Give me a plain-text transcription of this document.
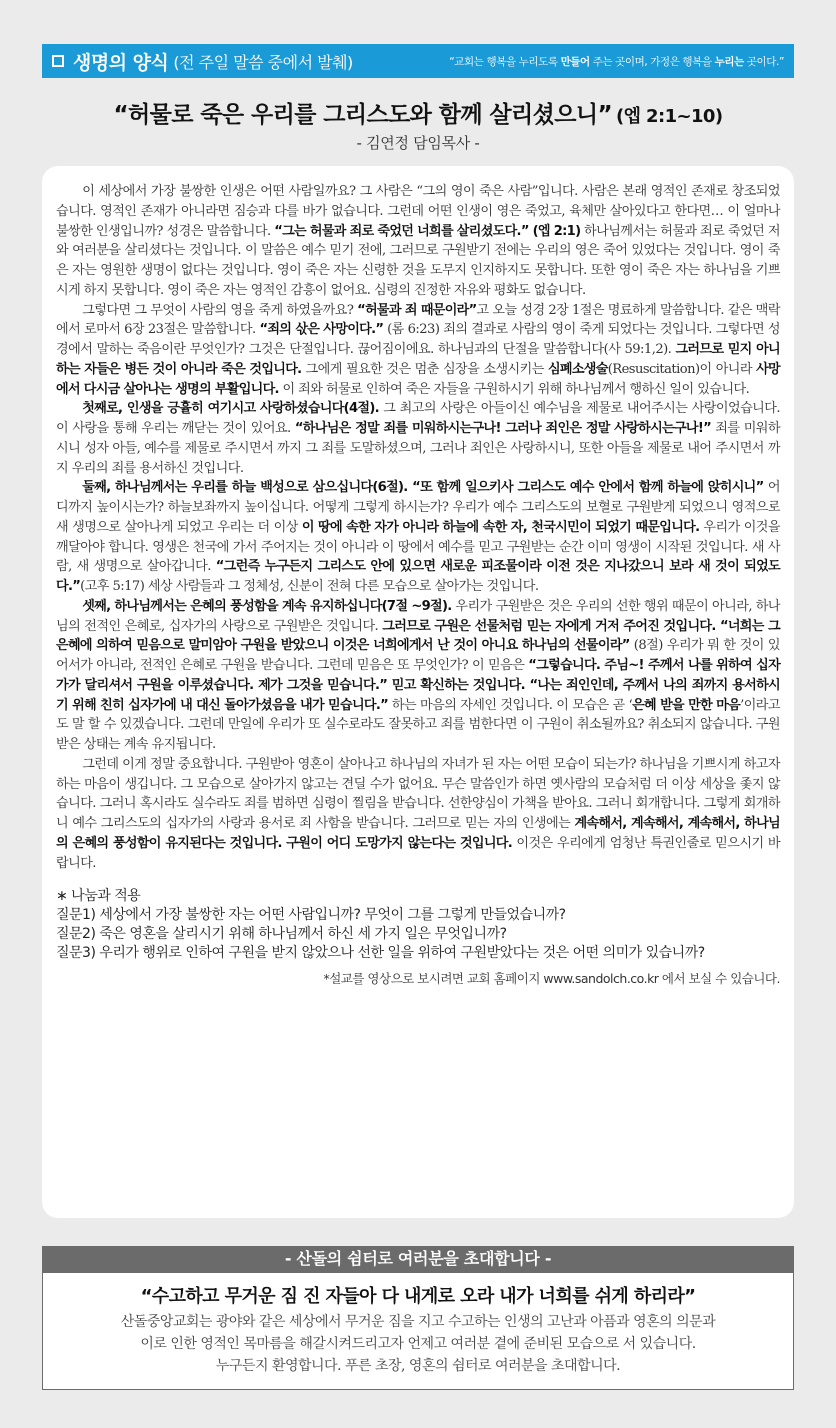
생명의 양식 (전 주일 말씀 중에서 발췌)	“교회는 행복을 누리도록 만들어 주는 곳이며, 가정은 행복을 누리는 곳이다.”
“허물로 죽은 우리를 그리스도와 함께 살리셨으니” (엡 2:1~10)
- 김연정 담임목사 -

이 세상에서 가장 불쌍한 인생은 어떤 사람일까요? 그 사람은 “그의 영이 죽은 사람”입니다. 사람은 본래 영적인 존재로 창조되었습니다. 영적인 존재가 아니라면 짐승과 다를 바가 없습니다. 그런데 어떤 인생이 영은 죽었고, 육체만 살아있다고 한다면… 이 얼마나 불쌍한 인생입니까? 성경은 말씀합니다. “그는 허물과 죄로 죽었던 너희를 살리셨도다.” (엡 2:1) 하나님께서는 허물과 죄로 죽었던 저와 여러분을 살리셨다는 것입니다. 이 말씀은 예수 믿기 전에, 그러므로 구원받기 전에는 우리의 영은 죽어 있었다는 것입니다. 영이 죽은 자는 영원한 생명이 없다는 것입니다. 영이 죽은 자는 신령한 것을 도무지 인지하지도 못합니다. 또한 영이 죽은 자는 하나님을 기쁘시게 하지 못합니다. 영이 죽은 자는 영적인 감흥이 없어요. 심령의 진정한 자유와 평화도 없습니다.

그렇다면 그 무엇이 사람의 영을 죽게 하였을까요? “허물과 죄 때문이라”고 오늘 성경 2장 1절은 명료하게 말씀합니다. 같은 맥락에서 로마서 6장 23절은 말씀합니다. “죄의 삯은 사망이다.” (롬 6:23) 죄의 결과로 사람의 영이 죽게 되었다는 것입니다. 그렇다면 성경에서 말하는 죽음이란 무엇인가? 그것은 단절입니다. 끊어짐이에요. 하나님과의 단절을 말씀합니다(사 59:1,2). 그러므로 믿지 아니하는 자들은 병든 것이 아니라 죽은 것입니다. 그에게 필요한 것은 멈춘 심장을 소생시키는 심폐소생술(Resuscitation)이 아니라 사망에서 다시금 살아나는 생명의 부활입니다. 이 죄와 허물로 인하여 죽은 자들을 구원하시기 위해 하나님께서 행하신 일이 있습니다.

첫째로, 인생을 긍휼히 여기시고 사랑하셨습니다(4절). 그 최고의 사랑은 아들이신 예수님을 제물로 내어주시는 사랑이었습니다. 이 사랑을 통해 우리는 깨닫는 것이 있어요. “하나님은 정말 죄를 미워하시는구나! 그러나 죄인은 정말 사랑하시는구나!” 죄를 미워하시니 성자 아들, 예수를 제물로 주시면서 까지 그 죄를 도말하셨으며, 그러나 죄인은 사랑하시니, 또한 아들을 제물로 내어 주시면서 까지 우리의 죄를 용서하신 것입니다.

둘째, 하나님께서는 우리를 하늘 백성으로 삼으십니다(6절). “또 함께 일으키사 그리스도 예수 안에서 함께 하늘에 앉히시니” 어디까지 높이시는가? 하늘보좌까지 높이십니다. 어떻게 그렇게 하시는가? 우리가 예수 그리스도의 보혈로 구원받게 되었으니 영적으로 새 생명으로 살아나게 되었고 우리는 더 이상 이 땅에 속한 자가 아니라 하늘에 속한 자, 천국시민이 되었기 때문입니다. 우리가 이것을 깨달아야 합니다. 영생은 천국에 가서 주어지는 것이 아니라 이 땅에서 예수를 믿고 구원받는 순간 이미 영생이 시작된 것입니다. 새 사람, 새 생명으로 살아갑니다. “그런즉 누구든지 그리스도 안에 있으면 새로운 피조물이라 이전 것은 지나갔으니 보라 새 것이 되었도다.”(고후 5:17) 세상 사람들과 그 정체성, 신분이 전혀 다른 모습으로 살아가는 것입니다.

셋째, 하나님께서는 은혜의 풍성함을 계속 유지하십니다(7절 ~9절). 우리가 구원받은 것은 우리의 선한 행위 때문이 아니라, 하나님의 전적인 은혜로, 십자가의 사랑으로 구원받은 것입니다. 그러므로 구원은 선물처럼 믿는 자에게 거저 주어진 것입니다. “너희는 그 은혜에 의하여 믿음으로 말미암아 구원을 받았으니 이것은 너희에게서 난 것이 아니요 하나님의 선물이라” (8절) 우리가 뭐 한 것이 있어서가 아니라, 전적인 은혜로 구원을 받습니다. 그런데 믿음은 또 무엇인가? 이 믿음은 “그렇습니다. 주님~! 주께서 나를 위하여 십자가가 달리셔서 구원을 이루셨습니다. 제가 그것을 믿습니다.” 믿고 확신하는 것입니다. “나는 죄인인데, 주께서 나의 죄까지 용서하시기 위해 친히 십자가에 내 대신 돌아가셨음을 내가 믿습니다.” 하는 마음의 자세인 것입니다. 이 모습은 곧 ‘은혜 받을 만한 마음’이라고도 말 할 수 있겠습니다. 그런데 만일에 우리가 또 실수로라도 잘못하고 죄를 범한다면 이 구원이 취소될까요? 취소되지 않습니다. 구원받은 상태는 계속 유지됩니다.

그런데 이게 정말 중요합니다. 구원받아 영혼이 살아나고 하나님의 자녀가 된 자는 어떤 모습이 되는가? 하나님을 기쁘시게 하고자 하는 마음이 생깁니다. 그 모습으로 살아가지 않고는 견딜 수가 없어요. 무슨 말씀인가 하면 옛사람의 모습처럼 더 이상 세상을 좇지 않습니다. 그러니 혹시라도 실수라도 죄를 범하면 심령이 찔림을 받습니다. 선한양심이 가책을 받아요. 그러니 회개합니다. 그렇게 회개하니 예수 그리스도의 십자가의 사랑과 용서로 죄 사함을 받습니다. 그러므로 믿는 자의 인생에는 계속해서, 계속해서, 계속해서, 하나님의 은혜의 풍성함이 유지된다는 것입니다. 구원이 어디 도망가지 않는다는 것입니다. 이것은 우리에게 엄청난 특권인줄로 믿으시기 바랍니다.

∗ 나눔과 적용
질문1) 세상에서 가장 불쌍한 자는 어떤 사람입니까? 무엇이 그를 그렇게 만들었습니까?
질문2) 죽은 영혼을 살리시기 위해 하나님께서 하신 세 가지 일은 무엇입니까?
질문3) 우리가 행위로 인하여 구원을 받지 않았으나 선한 일을 위하여 구원받았다는 것은 어떤 의미가 있습니까?
*설교를 영상으로 보시려면 교회 홈페이지 www.sandolch.co.kr 에서 보실 수 있습니다.
- 산돌의 쉼터로 여러분을 초대합니다 -
“수고하고 무거운 짐 진 자들아 다 내게로 오라 내가 너희를 쉬게 하리라”
산돌중앙교회는 광야와 같은 세상에서 무거운 짐을 지고 수고하는 인생의 고난과 아픔과 영혼의 의문과
이로 인한 영적인 목마름을 해갈시켜드리고자 언제고 여러분 곁에 준비된 모습으로 서 있습니다.
누구든지 환영합니다. 푸른 초장, 영혼의 쉼터로 여러분을 초대합니다.
